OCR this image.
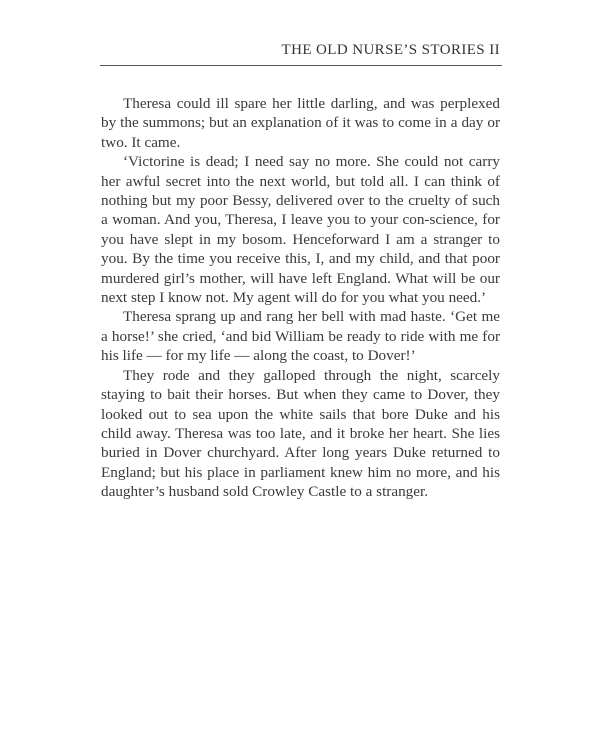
THE OLD NURSE’S STORIES II

Theresa could ill spare her little darling, and was perplexed by the summons; but an explanation of it was to come in a day or two. It came.

‘Victorine is dead; I need say no more. She could not carry her awful secret into the next world, but told all. I can think of nothing but my poor Bessy, delivered over to the cruelty of such a woman. And you, Theresa, I leave you to your con-science, for you have slept in my bosom. Henceforward I am a stranger to you. By the time you receive this, I, and my child, and that poor murdered girl’s mother, will have left England. What will be our next step I know not. My agent will do for you what you need.’

Theresa sprang up and rang her bell with mad haste. ‘Get me a horse!’ she cried, ‘and bid William be ready to ride with me for his life — for my life — along the coast, to Dover!’

They rode and they galloped through the night, scarcely staying to bait their horses. But when they came to Dover, they looked out to sea upon the white sails that bore Duke and his child away. Theresa was too late, and it broke her heart. She lies buried in Dover churchyard. After long years Duke returned to England; but his place in parliament knew him no more, and his daughter’s husband sold Crowley Castle to a stranger.
